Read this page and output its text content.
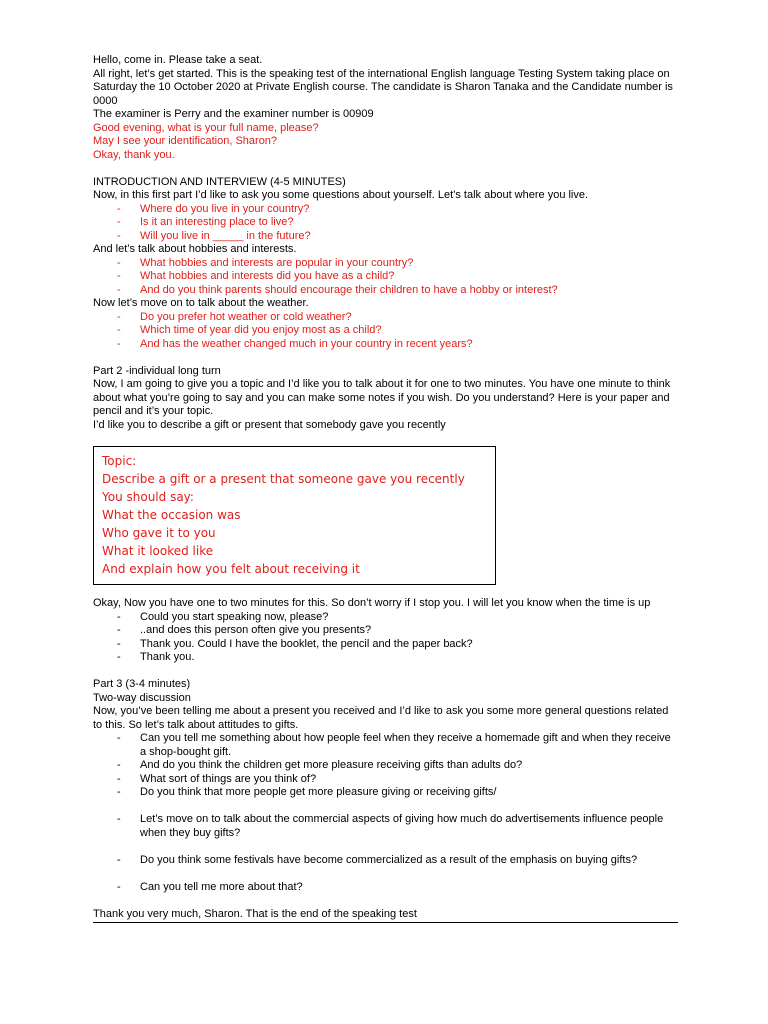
Hello, come in. Please take a seat.
All right, let’s get started. This is the speaking test of the international English language Testing System taking place on Saturday the 10 October 2020 at Private English course. The candidate is Sharon Tanaka and the Candidate number is 0000
The examiner is Perry and the examiner number is 00909
Good evening, what is your full name, please?
May I see your identification, Sharon?
Okay, thank you.
INTRODUCTION AND INTERVIEW (4-5 MINUTES)
Now, in this first part I’d like to ask you some questions about yourself. Let’s talk about where you live.
- Where do you live in your country?
- Is it an interesting place to live?
- Will you live in _____ in the future?
And let’s talk about hobbies and interests.
- What hobbies and interests are popular in your country?
- What hobbies and interests did you have as a child?
- And do you think parents should encourage their children to have a hobby or interest?
Now let’s move on to talk about the weather.
- Do you prefer hot weather or cold weather?
- Which time of year did you enjoy most as a child?
- And has the weather changed much in your country in recent years?
Part 2 -individual long turn
Now, I am going to give you a topic and I’d like you to talk about it for one to two minutes. You have one minute to think about what you’re going to say and you can make some notes if you wish. Do you understand? Here is your paper and pencil and it’s your topic.
I’d like you to describe a gift or present that somebody gave you recently
Topic:
Describe a gift or a present that someone gave you recently
You should say:
What the occasion was
Who gave it to you
What it looked like
And explain how you felt about receiving it
Okay, Now you have one to two minutes for this. So don’t worry if I stop you. I will let you know when the time is up
- Could you start speaking now, please?
- ..and does this person often give you presents?
- Thank you. Could I have the booklet, the pencil and the paper back?
- Thank you.
Part 3 (3-4 minutes)
Two-way discussion
Now, you’ve been telling me about a present you received and I’d like to ask you some more general questions related to this. So let’s talk about attitudes to gifts.
- Can you tell me something about how people feel when they receive a homemade gift and when they receive a shop-bought gift.
- And do you think the children get more pleasure receiving gifts than adults do?
- What sort of things are you think of?
- Do you think that more people get more pleasure giving or receiving gifts/
- Let’s move on to talk about the commercial aspects of giving how much do advertisements influence people when they buy gifts?
- Do you think some festivals have become commercialized as a result of the emphasis on buying gifts?
- Can you tell me more about that?
Thank you very much, Sharon. That is the end of the speaking test
